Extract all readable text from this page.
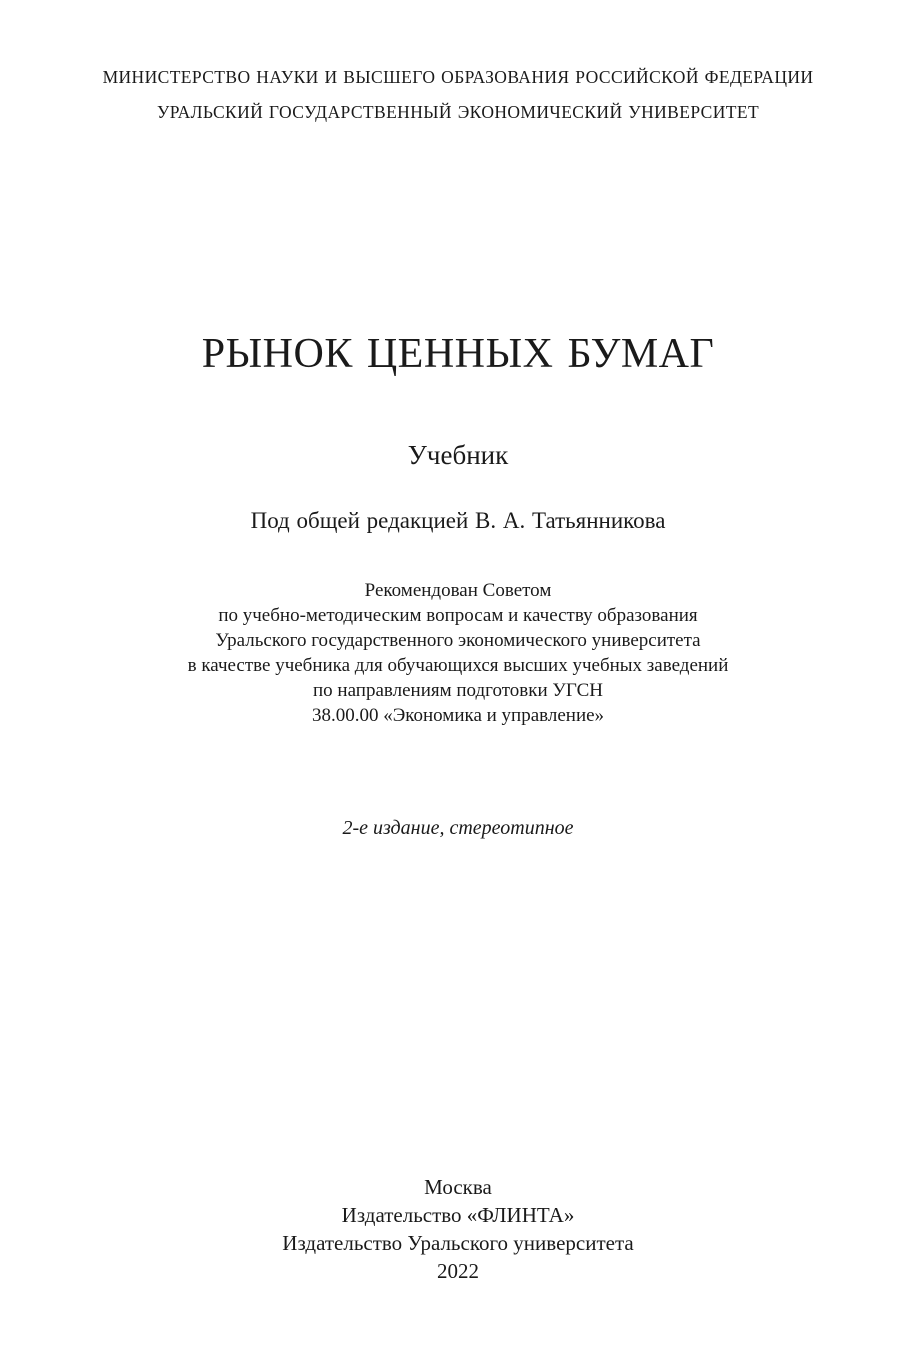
МИНИСТЕРСТВО НАУКИ И ВЫСШЕГО ОБРАЗОВАНИЯ РОССИЙСКОЙ ФЕДЕРАЦИИ
УРАЛЬСКИЙ ГОСУДАРСТВЕННЫЙ ЭКОНОМИЧЕСКИЙ УНИВЕРСИТЕТ
РЫНОК ЦЕННЫХ БУМАГ
Учебник
Под общей редакцией В. А. Татьянникова
Рекомендован Советом
по учебно-методическим вопросам и качеству образования
Уральского государственного экономического университета
в качестве учебника для обучающихся высших учебных заведений
по направлениям подготовки УГСН
38.00.00 «Экономика и управление»
2-е издание, стереотипное
Москва
Издательство «ФЛИНТА»
Издательство Уральского университета
2022
